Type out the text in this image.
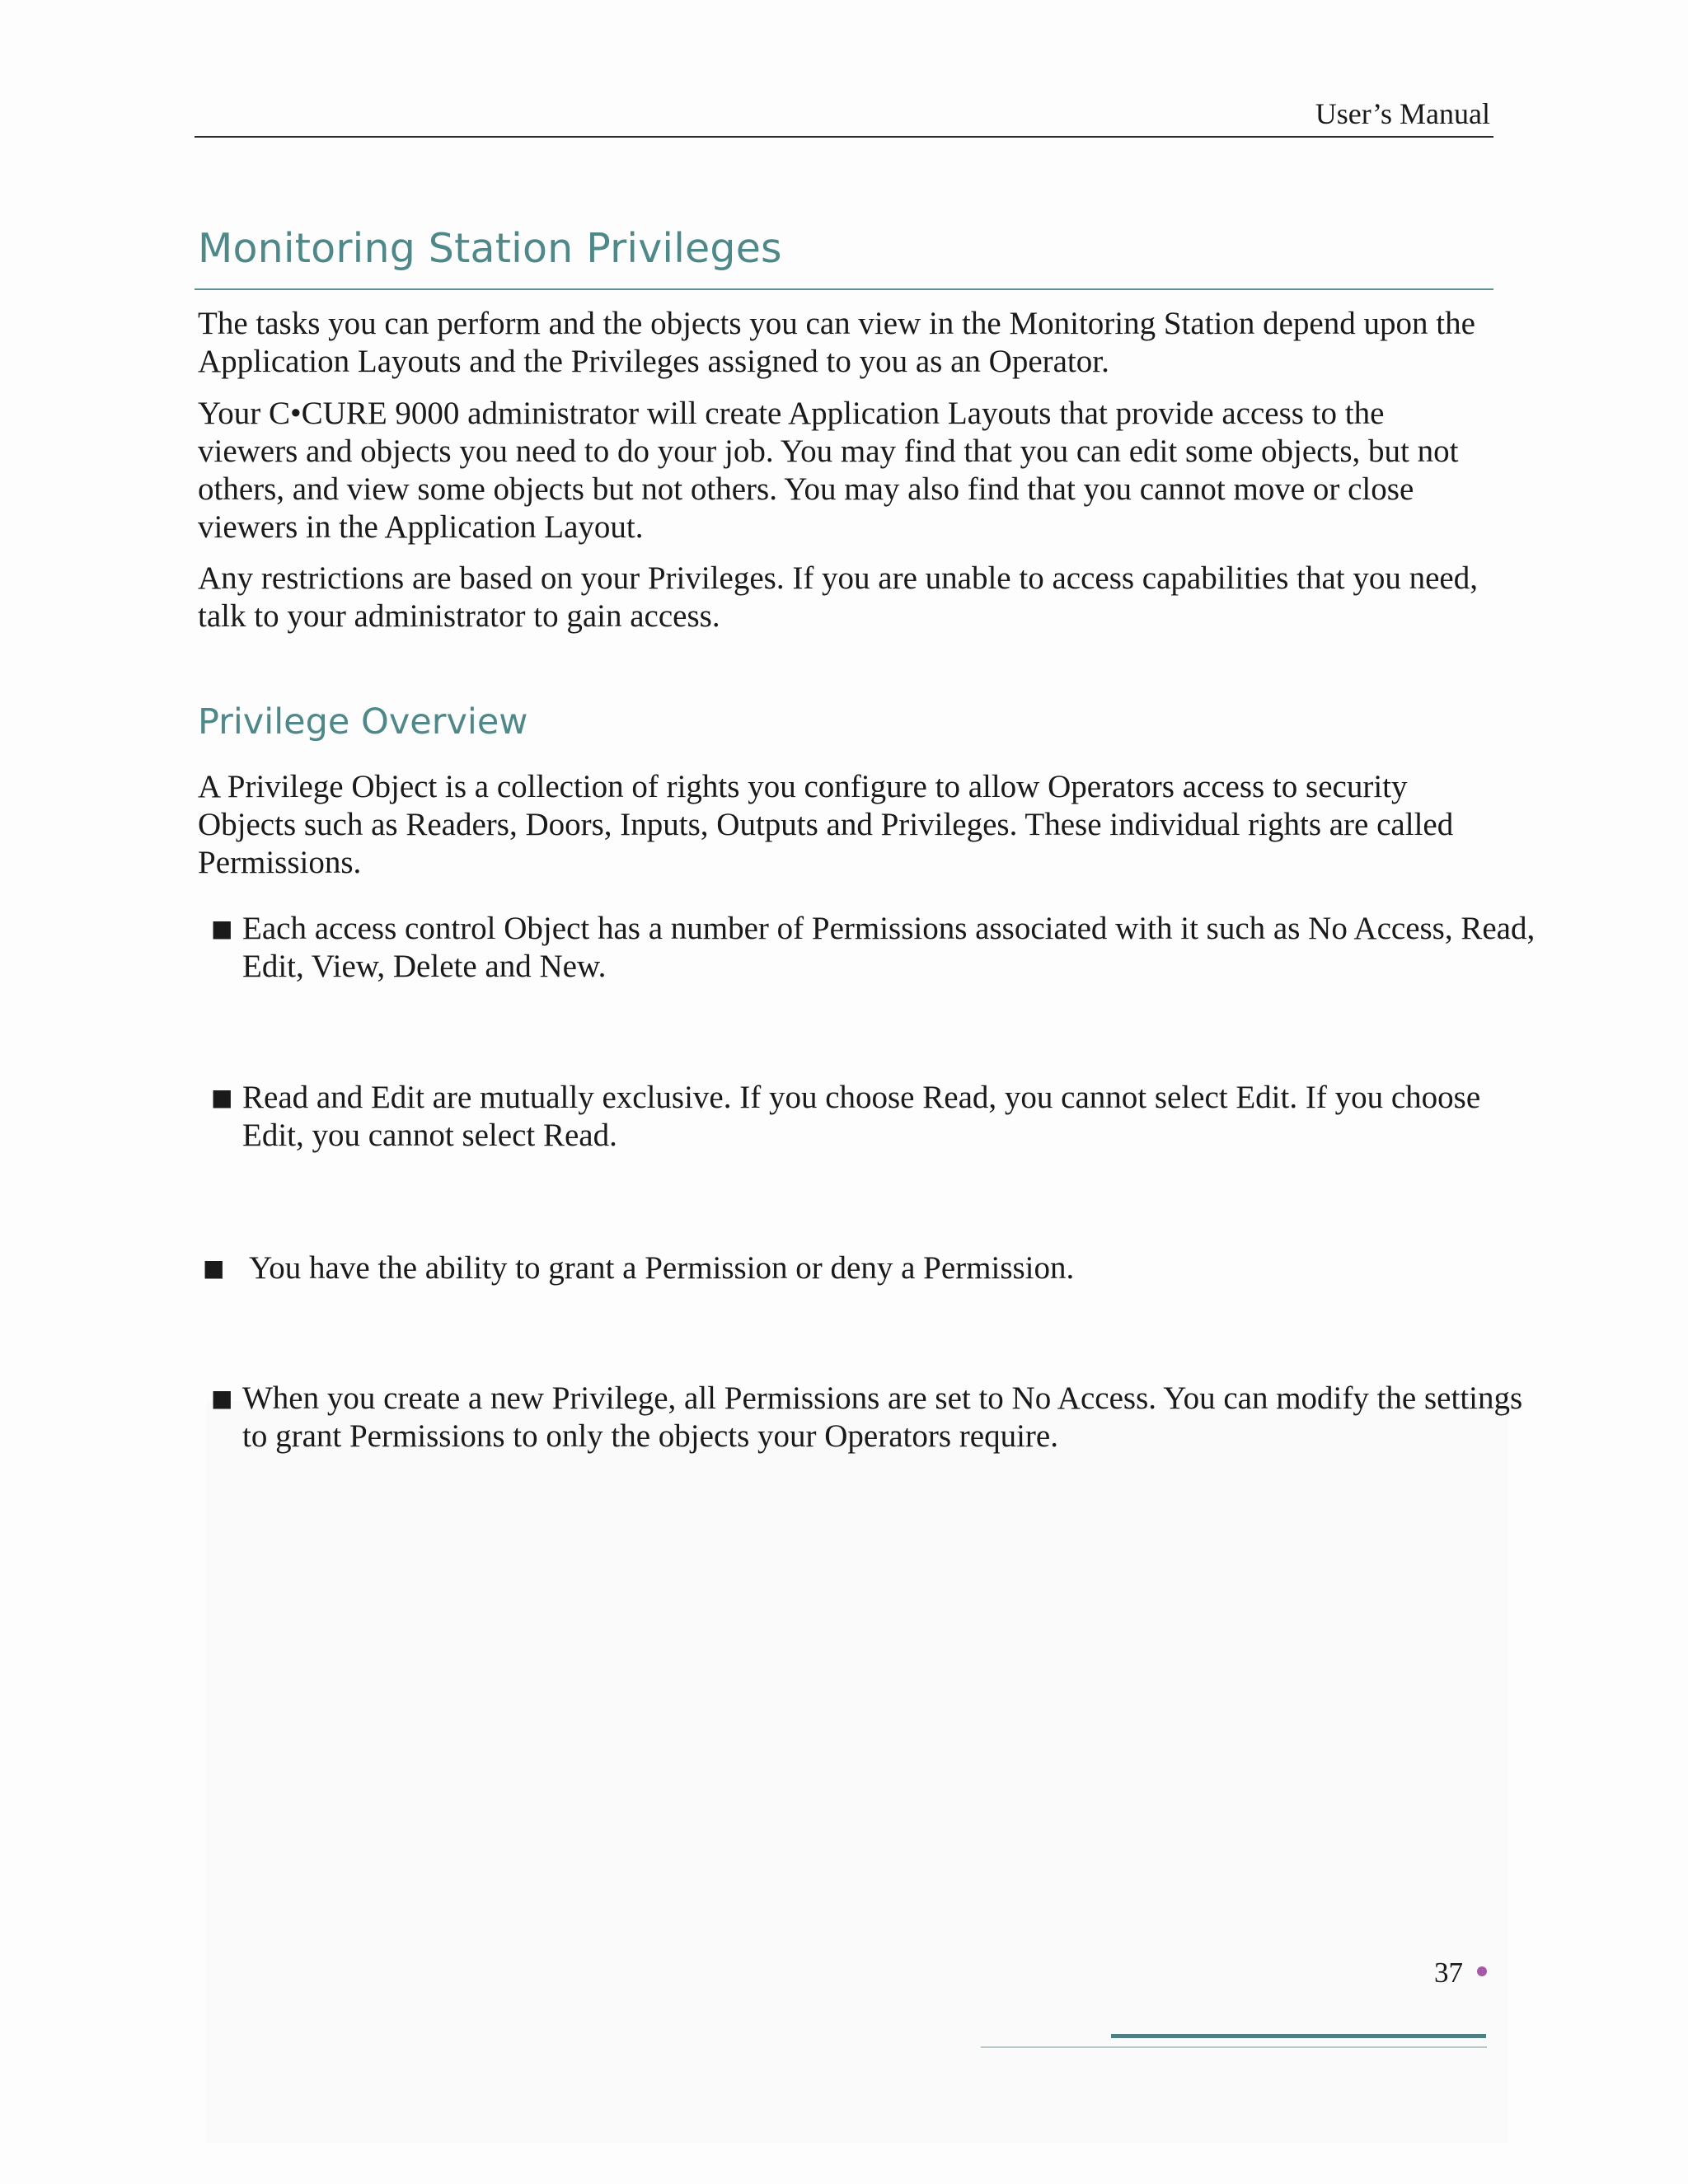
User’s Manual
Monitoring Station Privileges
The tasks you can perform and the objects you can view in the Monitoring Station depend upon the Application Layouts and the Privileges assigned to you as an Operator.
Your C•CURE 9000 administrator will create Application Layouts that provide access to the viewers and objects you need to do your job. You may find that you can edit some objects, but not others, and view some objects but not others. You may also find that you cannot move or close viewers in the Application Layout.
Any restrictions are based on your Privileges. If you are unable to access capabilities that you need, talk to your administrator to gain access.
Privilege Overview
A Privilege Object is a collection of rights you configure to allow Operators access to security Objects such as Readers, Doors, Inputs, Outputs and Privileges. These individual rights are called Permissions.
■ Each access control Object has a number of Permissions associated with it such as No Access, Read, Edit, View, Delete and New.
■ Read and Edit are mutually exclusive. If you choose Read, you cannot select Edit. If you choose Edit, you cannot select Read.
■ You have the ability to grant a Permission or deny a Permission.
■ When you create a new Privilege, all Permissions are set to No Access. You can modify the settings to grant Permissions to only the objects your Operators require.
37
